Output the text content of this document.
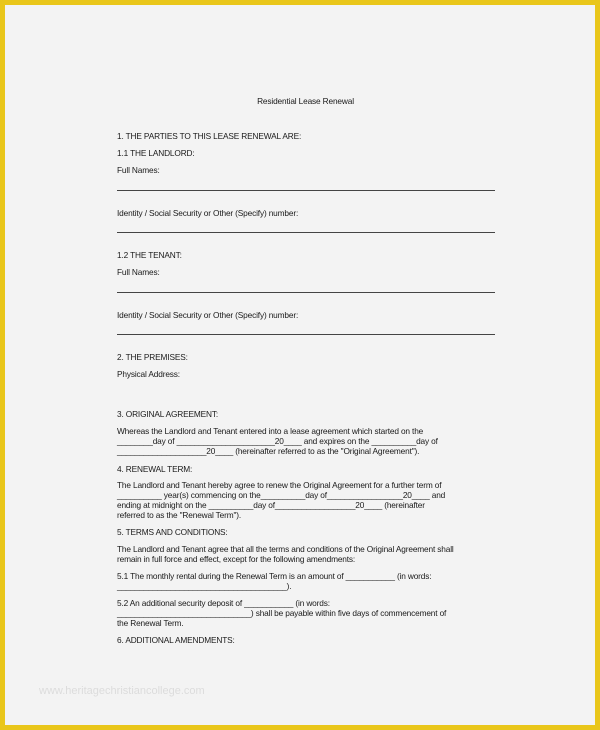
Residential Lease Renewal
1. THE PARTIES TO THIS LEASE RENEWAL ARE:
1.1 THE LANDLORD:
Full Names:
Identity / Social Security or Other (Specify) number:
1.2 THE TENANT:
Full Names:
Identity / Social Security or Other (Specify) number:
2. THE PREMISES:
Physical Address:
3. ORIGINAL AGREEMENT:
Whereas the Landlord and Tenant entered into a lease agreement which started on the
________day of ______________________20____ and expires on the __________day of
____________________20____ (hereinafter referred to as the "Original Agreement").
4. RENEWAL TERM:
The Landlord and Tenant hereby agree to renew the Original Agreement for a further term of
__________ year(s) commencing on the__________day of_________________20____ and
ending at midnight on the __________day of__________________20____ (hereinafter
referred to as the "Renewal Term").
5. TERMS AND CONDITIONS:
The Landlord and Tenant agree that all the terms and conditions of the Original Agreement shall
remain in full force and effect, except for the following amendments:
5.1 The monthly rental during the Renewal Term is an amount of ___________ (in words:
______________________________________).
5.2 An additional security deposit of ___________ (in words:
______________________________) shall be payable within five days of commencement of
the Renewal Term.
6. ADDITIONAL AMENDMENTS:
www.heritagechristiancollege.com
